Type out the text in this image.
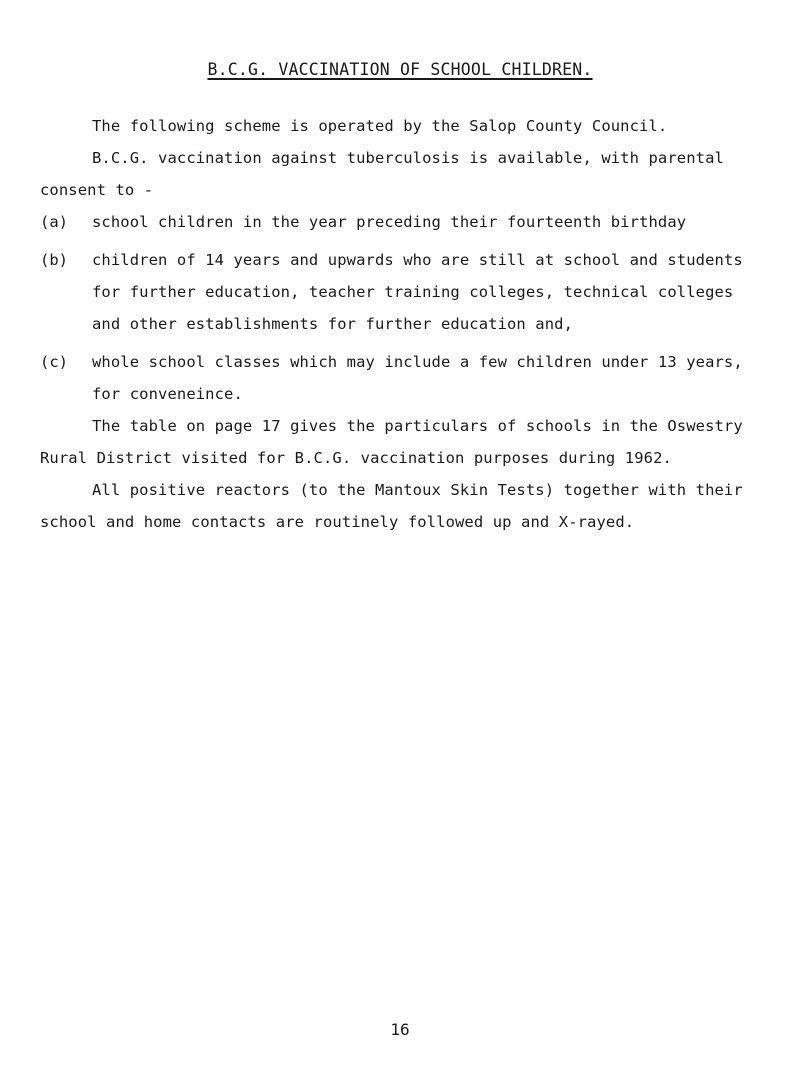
B.C.G. VACCINATION OF SCHOOL CHILDREN.
The following scheme is operated by the Salop County Council.
B.C.G. vaccination against tuberculosis is available, with parental
consent to -
(a) school children in the year preceding their fourteenth birthday
(b) children of 14 years and upwards who are still at school and students
for further education, teacher training colleges, technical colleges
and other establishments for further education and,
(c) whole school classes which may include a few children under 13 years,
for conveneince.
The table on page 17 gives the particulars of schools in the Oswestry
Rural District visited for B.C.G. vaccination purposes during 1962.
All positive reactors (to the Mantoux Skin Tests) together with their
school and home contacts are routinely followed up and X-rayed.
16
